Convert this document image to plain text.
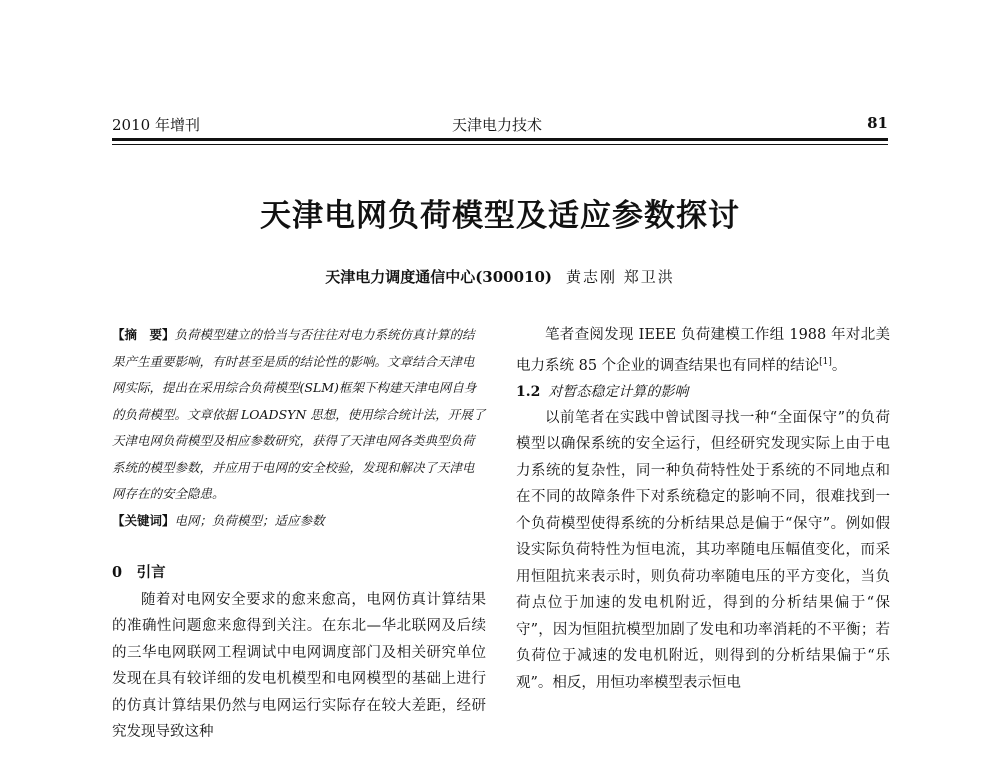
2010 年增刊	天津电力技术	81
天津电网负荷模型及适应参数探讨
天津电力调度通信中心(300010) 黄志刚 郑卫洪

【摘　要】负荷模型建立的恰当与否往往对电力系统仿真计算的结果产生重要影响，有时甚至是质的结论性的影响。文章结合天津电网实际，提出在采用综合负荷模型(SLM)框架下构建天津电网自身的负荷模型。文章依据 LOADSYN 思想，使用综合统计法，开展了天津电网负荷模型及相应参数研究，获得了天津电网各类典型负荷系统的模型参数，并应用于电网的安全校验，发现和解决了天津电网存在的安全隐患。

【关键词】电网；负荷模型；适应参数

0　引言

随着对电网安全要求的愈来愈高，电网仿真计算结果的准确性问题愈来愈得到关注。在东北—华北联网及后续的三华电网联网工程调试中电网调度部门及相关研究单位发现在具有较详细的发电机模型和电网模型的基础上进行的仿真计算结果仍然与电网运行实际存在较大差距，经研究发现导致这种

笔者查阅发现 IEEE 负荷建模工作组 1988 年对北美电力系统 85 个企业的调查结果也有同样的结论[1]。

1.2 对暂态稳定计算的影响

以前笔者在实践中曾试图寻找一种“全面保守”的负荷模型以确保系统的安全运行，但经研究发现实际上由于电力系统的复杂性，同一种负荷特性处于系统的不同地点和在不同的故障条件下对系统稳定的影响不同，很难找到一个负荷模型使得系统的分析结果总是偏于“保守”。例如假设实际负荷特性为恒电流，其功率随电压幅值变化，而采用恒阻抗来表示时，则负荷功率随电压的平方变化，当负荷点位于加速的发电机附近，得到的分析结果偏于“保守”，因为恒阻抗模型加剧了发电和功率消耗的不平衡；若负荷位于减速的发电机附近，则得到的分析结果偏于“乐观”。相反，用恒功率模型表示恒电
